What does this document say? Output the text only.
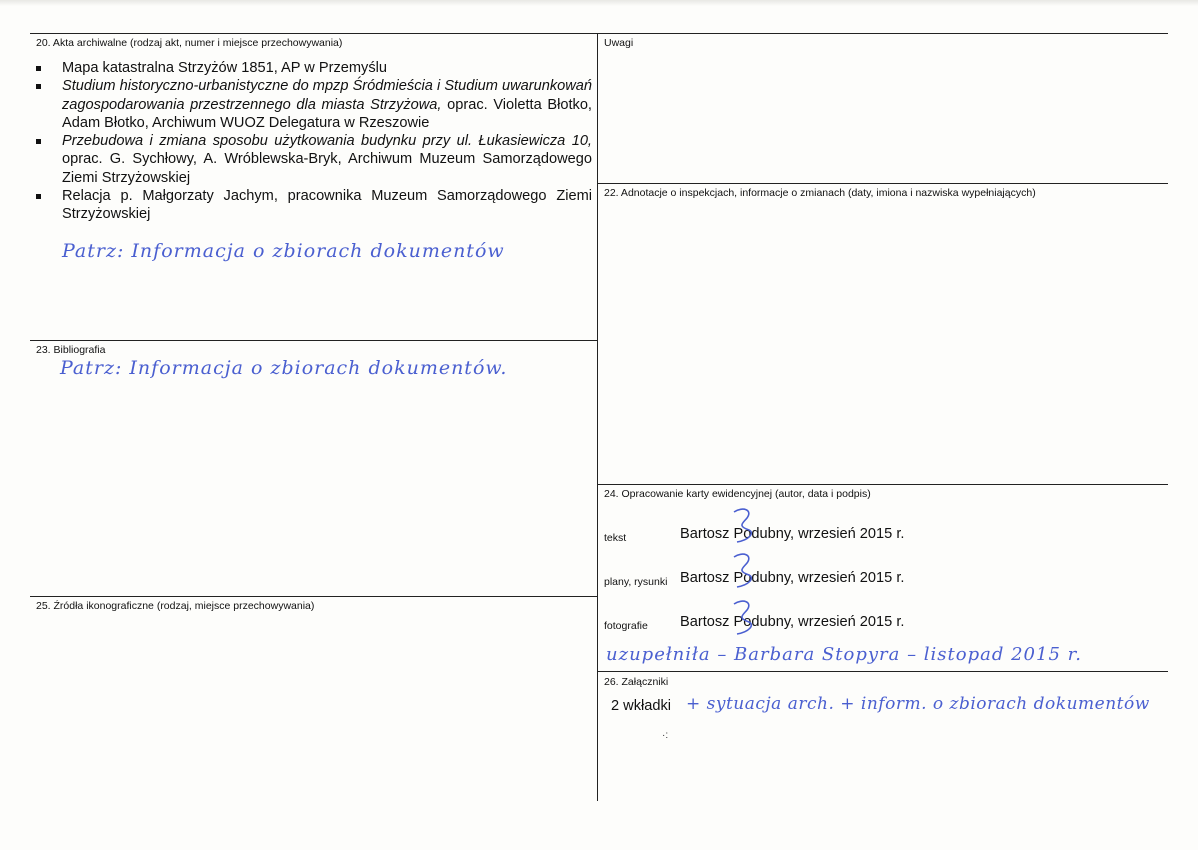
20. Akta archiwalne (rodzaj akt, numer i miejsce przechowywania)
Mapa katastralna Strzyżów 1851, AP w Przemyślu
Studium historyczno-urbanistyczne do mpzp Śródmieścia i Studium uwarunkowań zagospodarowania przestrzennego dla miasta Strzyżowa, oprac. Violetta Błotko, Adam Błotko, Archiwum WUOZ Delegatura w Rzeszowie
Przebudowa i zmiana sposobu użytkowania budynku przy ul. Łukasiewicza 10, oprac. G. Sychłowy, A. Wróblewska-Bryk, Archiwum Muzeum Samorządowego Ziemi Strzyżowskiej
Relacja p. Małgorzaty Jachym, pracownika Muzeum Samorządowego Ziemi Strzyżowskiej
Patrz: Informacja o zbiorach dokumentów
Uwagi
22. Adnotacje o inspekcjach, informacje o zmianach (daty, imiona i nazwiska wypełniających)
23. Bibliografia
Patrz: Informacja o zbiorach dokumentów.
24. Opracowanie karty ewidencyjnej (autor, data i podpis)
tekst	Bartosz Podubny, wrzesień 2015 r.
plany, rysunki Bartosz Podubny, wrzesień 2015 r.
fotografie Bartosz Podubny, wrzesień 2015 r.
uzupełniła – Barbara Stopyra – listopad 2015 r.
25. Źródła ikonograficzne (rodzaj, miejsce przechowywania)
26. Załączniki
2 wkładki + sytuacja arch. + inform. o zbiorach dokumentów
·:
